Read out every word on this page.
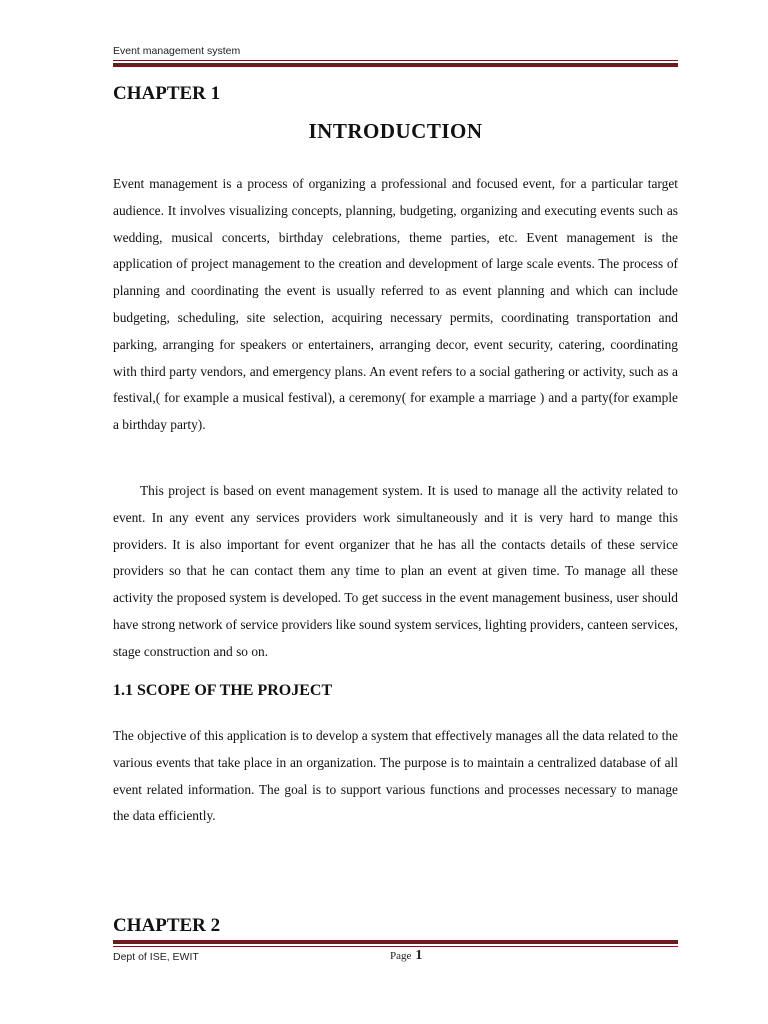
Event management system
CHAPTER 1
INTRODUCTION
Event management is a process of organizing a professional and focused event, for a particular target audience. It involves visualizing concepts, planning, budgeting, organizing and executing events such as wedding, musical concerts, birthday celebrations, theme parties, etc. Event management is the application of project management to the creation and development of large scale events. The process of planning and coordinating the event is usually referred to as event planning and which can include budgeting, scheduling, site selection, acquiring necessary permits, coordinating transportation and parking, arranging for speakers or entertainers, arranging decor, event security, catering, coordinating with third party vendors, and emergency plans. An event refers to a social gathering or activity, such as a festival,( for example a musical festival), a ceremony( for example a marriage ) and a party(for example a birthday party).
This project is based on event management system. It is used to manage all the activity related to event. In any event any services providers work simultaneously and it is very hard to mange this providers. It is also important for event organizer that he has all the contacts details of these service providers so that he can contact them any time to plan an event at given time. To manage all these activity the proposed system is developed. To get success in the event management business, user should have strong network of service providers like sound system services, lighting providers, canteen services, stage construction and so on.
1.1 SCOPE OF THE PROJECT
The objective of this application is to develop a system that effectively manages all the data related to the various events that take place in an organization. The purpose is to maintain a centralized database of all event related information. The goal is to support various functions and processes necessary to manage the data efficiently.
CHAPTER 2
Dept of ISE, EWIT	Page 1
